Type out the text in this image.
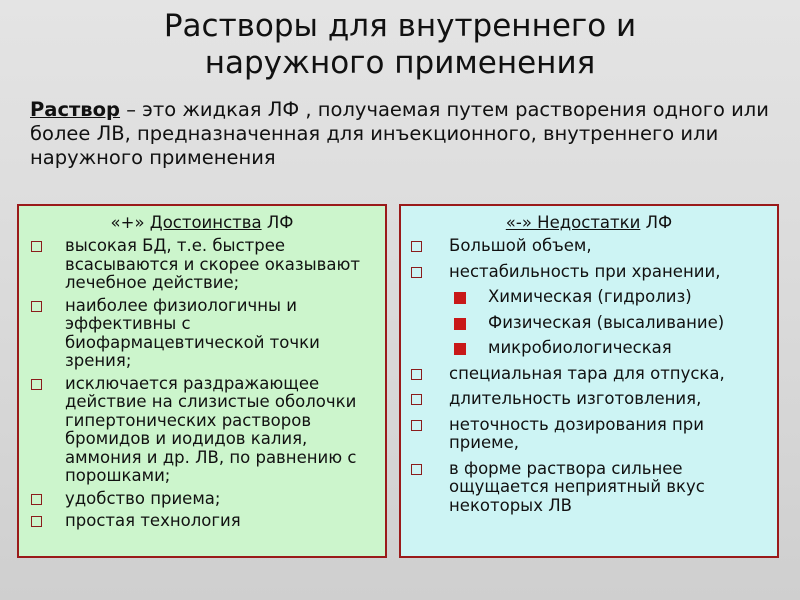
Растворы для внутреннего и
наружного применения
Раствор – это жидкая ЛФ , получаемая путем растворения одного или более ЛВ, предназначенная для инъекционного, внутреннего или наружного применения
«+» Достоинства ЛФ
высокая БД, т.е. быстрее всасываются и скорее оказывают лечебное действие;
наиболее физиологичны и эффективны с биофармацевтической точки зрения;
исключается раздражающее действие на слизистые оболочки гипертонических растворов бромидов и иодидов калия, аммония и др. ЛВ, по равнению с порошками;
удобство приема;
простая технология
«-» Недостатки ЛФ
Большой объем,
нестабильность при хранении,
Химическая (гидролиз)
Физическая (высаливание)
микробиологическая
специальная тара для отпуска,
длительность изготовления,
неточность дозирования при приеме,
в форме раствора сильнее ощущается неприятный вкус некоторых ЛВ
